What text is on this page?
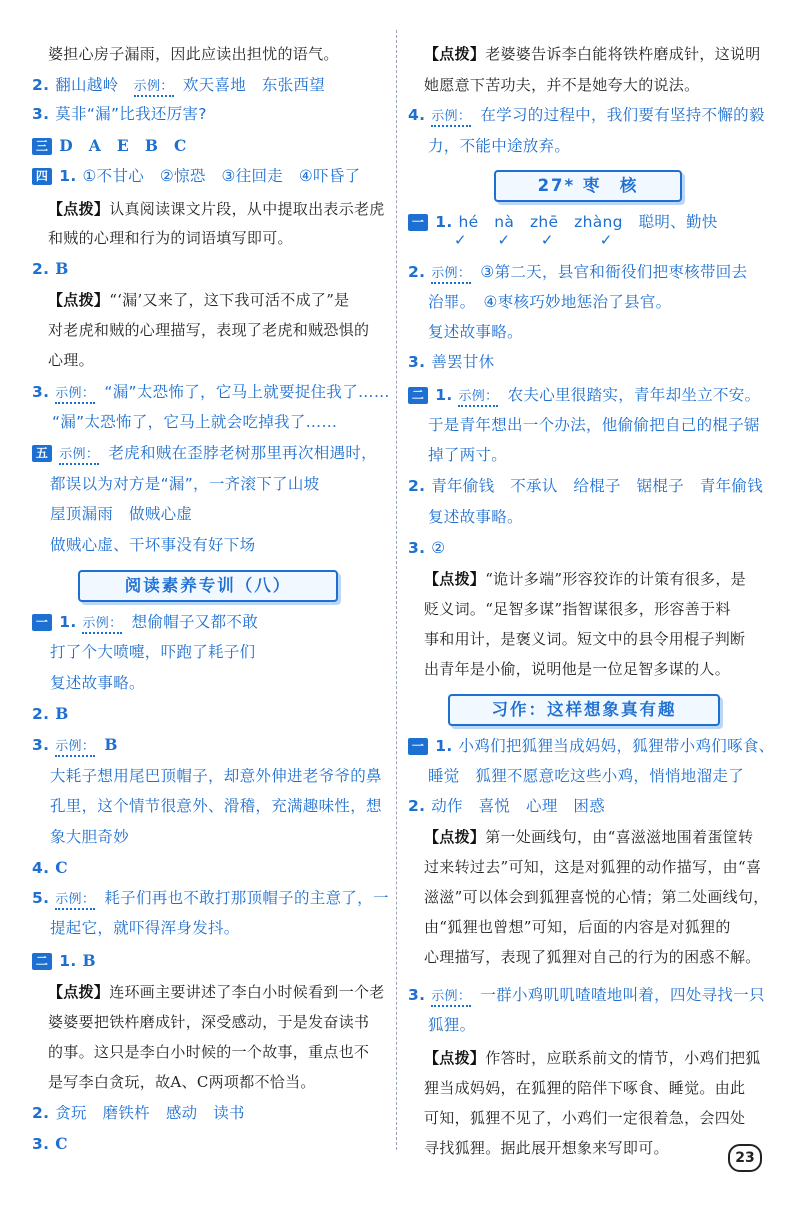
婆担心房子漏雨，因此应读出担忧的语气。
2. 翻山越岭 示例： 欢天喜地　东张西望
3. 莫非“漏”比我还厉害?
三 D　A　E　B　C
四 1. ①不甘心　②惊恐　③往回走　④吓昏了
【点拨】认真阅读课文片段，从中提取出表示老虎
和贼的心理和行为的词语填写即可。
2. B
【点拨】“‘漏’又来了，这下我可活不成了”是
对老虎和贼的心理描写，表现了老虎和贼恐惧的
心理。
3. 示例： “漏”太恐怖了，它马上就要捉住我了……
“漏”太恐怖了，它马上就会吃掉我了……
五 示例： 老虎和贼在歪脖老树那里再次相遇时，
都误以为对方是“漏”，一齐滚下了山坡
屋顶漏雨　做贼心虚
做贼心虚、干坏事没有好下场
阅读素养专训（八）
一 1. 示例： 想偷帽子又都不敢
打了个大喷嚏，吓跑了耗子们
复述故事略。
2. B
3. 示例： B
大耗子想用尾巴顶帽子，却意外伸进老爷爷的鼻
孔里，这个情节很意外、滑稽，充满趣味性，想
象大胆奇妙
4. C
5. 示例： 耗子们再也不敢打那顶帽子的主意了，一
提起它，就吓得浑身发抖。
二 1. B
【点拨】连环画主要讲述了李白小时候看到一个老
婆婆要把铁杵磨成针，深受感动，于是发奋读书
的事。这只是李白小时候的一个故事，重点也不
是写李白贪玩，故A、C两项都不恰当。
2. 贪玩　磨铁杵　感动　读书
3. C
【点拨】老婆婆告诉李白能将铁杵磨成针，这说明
她愿意下苦功夫，并不是她夸大的说法。
4. 示例： 在学习的过程中，我们要有坚持不懈的毅
力，不能中途放弃。
27* 枣　核
一 1. hé　nà　zhē　zhàng　聪明、勤快
✓　　✓　　✓　　　✓
2. 示例： ③第二天，县官和衙役们把枣核带回去
治罪。　④枣核巧妙地惩治了县官。
复述故事略。
3. 善罢甘休
二 1. 示例： 农夫心里很踏实，青年却坐立不安。
于是青年想出一个办法，他偷偷把自己的棍子锯
掉了两寸。
2. 青年偷钱　不承认　给棍子　锯棍子　青年偷钱
复述故事略。
3. ②
【点拨】“诡计多端”形容狡诈的计策有很多，是
贬义词。“足智多谋”指智谋很多，形容善于料
事和用计，是褒义词。短文中的县令用棍子判断
出青年是小偷，说明他是一位足智多谋的人。
习作：这样想象真有趣
一 1. 小鸡们把狐狸当成妈妈，狐狸带小鸡们啄食、
睡觉　狐狸不愿意吃这些小鸡，悄悄地溜走了
2. 动作　喜悦　心理　困惑
【点拨】第一处画线句，由“喜滋滋地围着蛋筐转
过来转过去”可知，这是对狐狸的动作描写，由“喜
滋滋”可以体会到狐狸喜悦的心情；第二处画线句，
由“狐狸也曾想”可知，后面的内容是对狐狸的
心理描写，表现了狐狸对自己的行为的困惑不解。
3. 示例： 一群小鸡叽叽喳喳地叫着，四处寻找一只
狐狸。
【点拨】作答时，应联系前文的情节，小鸡们把狐
狸当成妈妈，在狐狸的陪伴下啄食、睡觉。由此
可知，狐狸不见了，小鸡们一定很着急，会四处
寻找狐狸。据此展开想象来写即可。
23
